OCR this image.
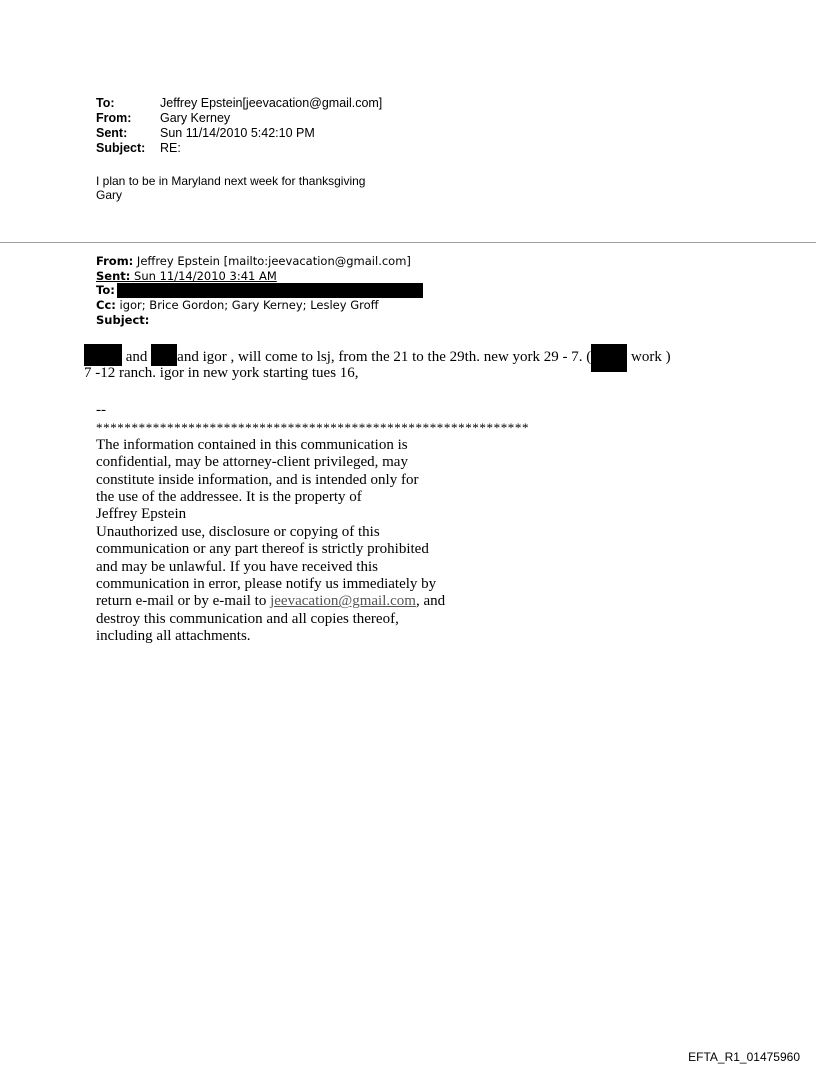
To:	Jeffrey Epstein[jeevacation@gmail.com]
From:	Gary Kerney
Sent:	Sun 11/14/2010 5:42:10 PM
Subject:	RE:
I plan to be in Maryland next week for thanksgiving
Gary
From: Jeffrey Epstein [mailto:jeevacation@gmail.com]
Sent: Sun 11/14/2010 3:41 AM
To:
Cc: igor; Brice Gordon; Gary Kerney; Lesley Groff
Subject:
and and igor , will come to lsj, from the 21 to the 29th. new york 29 - 7. ( work )
7 -12 ranch. igor in new york starting tues 16,
--
*************************************************************
The information contained in this communication is
confidential, may be attorney-client privileged, may
constitute inside information, and is intended only for
the use of the addressee. It is the property of
Jeffrey Epstein
Unauthorized use, disclosure or copying of this
communication or any part thereof is strictly prohibited
and may be unlawful. If you have received this
communication in error, please notify us immediately by
return e-mail or by e-mail to jeevacation@gmail.com, and
destroy this communication and all copies thereof,
including all attachments.
EFTA_R1_01475960
